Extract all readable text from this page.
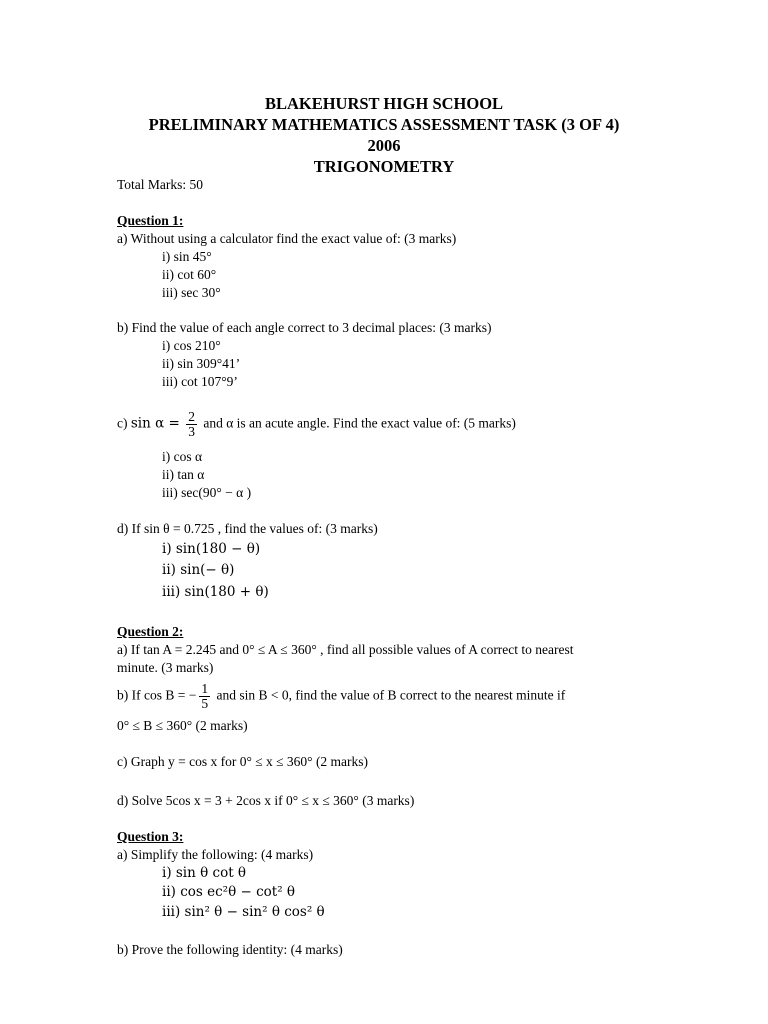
BLAKEHURST HIGH SCHOOL
PRELIMINARY MATHEMATICS ASSESSMENT TASK (3 OF 4)
2006
TRIGONOMETRY
Total Marks: 50
Question 1:
a) Without using a calculator find the exact value of: (3 marks)
i) sin 45°
ii) cot 60°
iii) sec 30°
b) Find the value of each angle correct to 3 decimal places: (3 marks)
i) cos 210°
ii) sin 309°41’
iii) cot 107°9’
c) $\sin \alpha = \frac{2}{3}$ and α is an acute angle. Find the exact value of: (5 marks)
i) cos α
ii) tan α
iii) sec(90° − α )
d) If sin θ = 0.725 , find the values of: (3 marks)
i) sin(180 − θ)
ii) sin(− θ)
iii) sin(180 + θ)
Question 2:
a) If tan A = 2.245 and 0° ≤ A ≤ 360° , find all possible values of A correct to nearest
minute. (3 marks)
b) If cos B = − $\frac{1}{5}$ and sin B < 0, find the value of B correct to the nearest minute if
0° ≤ B ≤ 360° (2 marks)
c) Graph y = cos x for 0° ≤ x ≤ 360° (2 marks)
d) Solve 5cos x = 3 + 2cos x if 0° ≤ x ≤ 360° (3 marks)
Question 3:
a) Simplify the following: (4 marks)
i) sin θ cot θ
ii) cos ec²θ − cot² θ
iii) sin² θ − sin² θ cos² θ
b) Prove the following identity: (4 marks)
